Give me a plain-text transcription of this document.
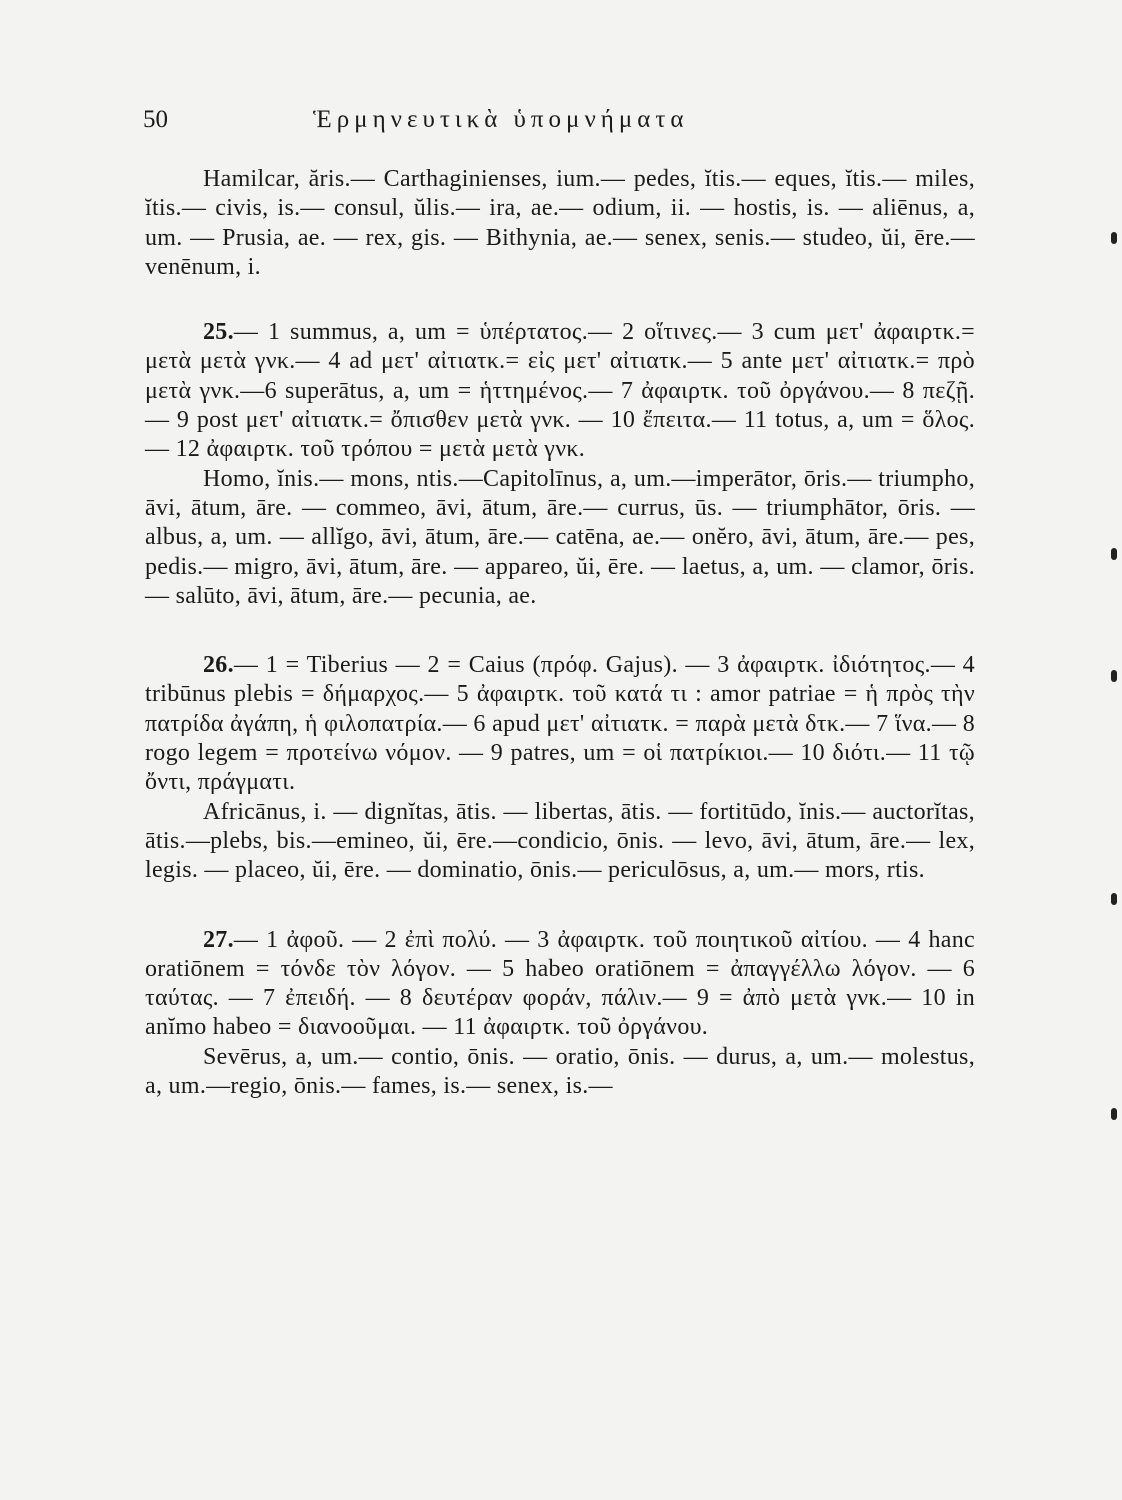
50	Ἑρμηνευτικὰ ὑπομνήματα

Hamilcar, ăris.— Carthaginienses, ium.— pedes, ĭtis.— eques, ĭtis.— miles, ĭtis.— civis, is.— consul, ŭlis.— ira, ae.— odium, ii. — hostis, is. — aliēnus, a, um. — Prusia, ae. — rex, gis. — Bithynia, ae.— senex, senis.— studeo, ŭi, ēre.—venēnum, i.

25.— 1 summus, a, um = ὑπέρτατος.— 2 οἵτινες.— 3 cum μετ' ἀφαιρτκ.= μετὰ μετὰ γνκ.— 4 ad μετ' αἰτιατκ.= εἰς μετ' αἰτιατκ.— 5 ante μετ' αἰτιατκ.= πρὸ μετὰ γνκ.—6 superātus, a, um = ἡττημένος.— 7 ἀφαιρτκ. τοῦ ὀργάνου.— 8 πεζῇ.— 9 post μετ' αἰτιατκ.= ὄπισθεν μετὰ γνκ. — 10 ἔπειτα.— 11 totus, a, um = ὅλος. — 12 ἀφαιρτκ. τοῦ τρόπου = μετὰ μετὰ γνκ.

Homo, ĭnis.— mons, ntis.—Capitolīnus, a, um.—imperātor, ōris.— triumpho, āvi, ātum, āre. — commeo, āvi, ātum, āre.— currus, ūs. — triumphātor, ōris. — albus, a, um. — allĭgo, āvi, ātum, āre.— catēna, ae.— onĕro, āvi, ātum, āre.— pes, pedis.— migro, āvi, ātum, āre. — appareo, ŭi, ēre. — laetus, a, um. — clamor, ōris.— salūto, āvi, ātum, āre.— pecunia, ae.

26.— 1 = Tiberius — 2 = Caius (πρόφ. Gajus). — 3 ἀφαιρτκ. ἰδιότητος.— 4 tribūnus plebis = δήμαρχος.— 5 ἀφαιρτκ. τοῦ κατά τι : amor patriae = ἡ πρὸς τὴν πατρίδα ἀγάπη, ἡ φιλοπατρία.— 6 apud μετ' αἰτιατκ. = παρὰ μετὰ δτκ.— 7 ἵνα.— 8 rogo legem = προτείνω νόμον. — 9 patres, um = οἱ πατρίκιοι.— 10 διότι.— 11 τῷ ὄντι, πράγματι.

Africānus, i. — dignĭtas, ātis. — libertas, ātis. — fortitūdo, ĭnis.— auctorĭtas, ātis.—plebs, bis.—emineo, ŭi, ēre.—condicio, ōnis. — levo, āvi, ātum, āre.— lex, legis. — placeo, ŭi, ēre. — dominatio, ōnis.— periculōsus, a, um.— mors, rtis.

27.— 1 ἀφοῦ. — 2 ἐπὶ πολύ. — 3 ἀφαιρτκ. τοῦ ποιητικοῦ αἰτίου. — 4 hanc oratiōnem = τόνδε τὸν λόγον. — 5 habeo oratiōnem = ἀπαγγέλλω λόγον. — 6 ταύτας. — 7 ἐπειδή. — 8 δευτέραν φοράν, πάλιν.— 9 = ἀπὸ μετὰ γνκ.— 10 in anĭmo habeo = διανοοῦμαι. — 11 ἀφαιρτκ. τοῦ ὀργάνου.

Sevērus, a, um.— contio, ōnis. — oratio, ōnis. — durus, a, um.— molestus, a, um.—regio, ōnis.— fames, is.— senex, is.—
